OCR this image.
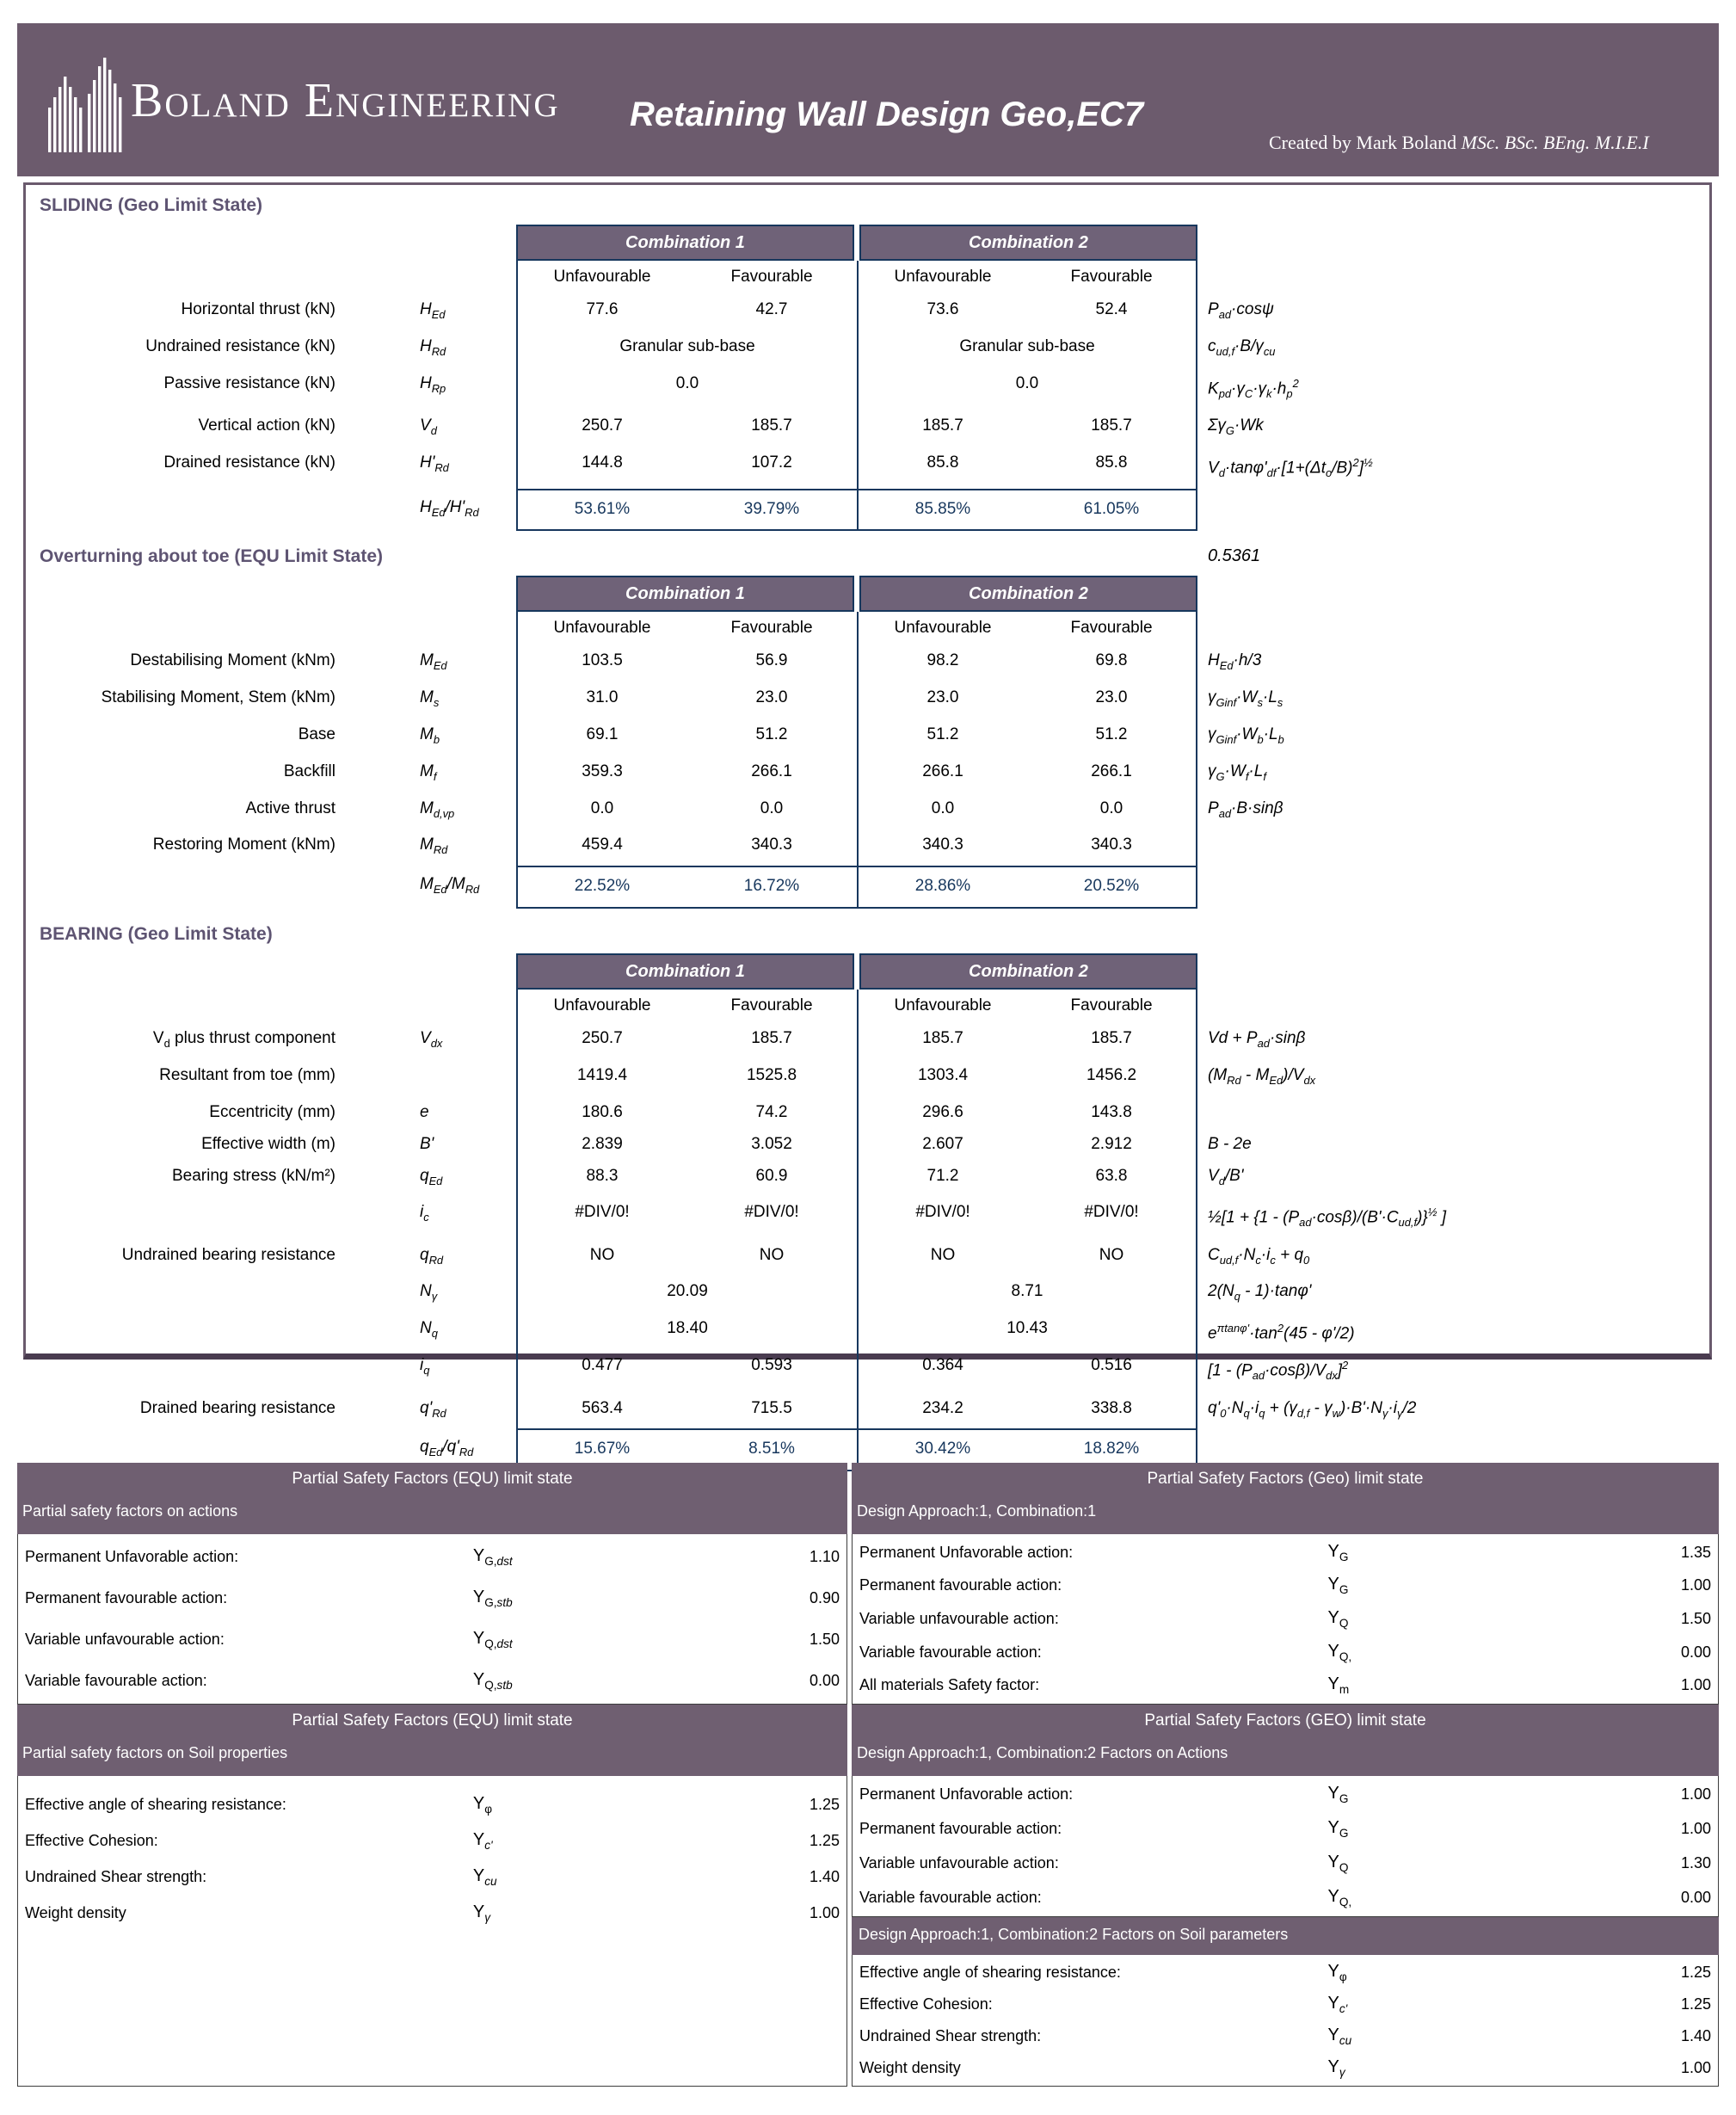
Boland Engineering Retaining Wall Design Geo,EC7
Created by Mark Boland MSc. BSc. BEng. M.I.E.I
SLIDING (Geo Limit State)
Combination 1	Combination 2
Unfavourable	Favourable	Unfavourable	Favourable
Horizontal thrust (kN)	$H_{Ed}$	77.6	42.7	73.6	52.4	$P_{ad}\cdot\cos\psi$
Undrained resistance (kN)	$H_{Rd}$	Granular sub-base	Granular sub-base	$c_{ud,f}\cdot B/\gamma_{cu}$
Passive resistance (kN)	$H_{Rp}$	0.0	0.0	$K_{pd}\cdot\gamma_C\cdot\gamma_k\cdot h_p^2$
Vertical action (kN)	$V_d$	250.7	185.7	185.7	185.7	$\Sigma\gamma_G\cdot Wk$
Drained resistance (kN)	$H'_{Rd}$	144.8	107.2	85.8	85.8	$V_d\cdot\tan\varphi'_{df}\cdot[1+(\Delta t_o/B)^2]^{\frac{1}{2}}$
$H_{Ed}/H'_{Rd}$	53.61%	39.79%	85.85%	61.05%
Overturning about toe (EQU Limit State)	0.5361
Combination 1	Combination 2
Unfavourable	Favourable	Unfavourable	Favourable
Destabilising Moment (kNm)	$M_{Ed}$	103.5	56.9	98.2	69.8	$H_{Ed}\cdot h/3$
Stabilising Moment, Stem (kNm)	$M_s$	31.0	23.0	23.0	23.0	$\gamma_{Ginf}\cdot W_s\cdot L_s$
Base	$M_b$	69.1	51.2	51.2	51.2	$\gamma_{Ginf}\cdot W_b\cdot L_b$
Backfill	$M_f$	359.3	266.1	266.1	266.1	$\gamma_G\cdot W_f\cdot L_f$
Active thrust	$M_{d,vp}$	0.0	0.0	0.0	0.0	$P_{ad}\cdot B\cdot\sin\beta$
Restoring Moment (kNm)	$M_{Rd}$	459.4	340.3	340.3	340.3
$M_{Ed}/M_{Rd}$	22.52%	16.72%	28.86%	20.52%
BEARING (Geo Limit State)
Combination 1	Combination 2
Unfavourable	Favourable	Unfavourable	Favourable
$V_d$ plus thrust component	$V_{dx}$	250.7	185.7	185.7	185.7	$Vd + P_{ad}\cdot\sin\beta$
Resultant from toe (mm)	1419.4	1525.8	1303.4	1456.2	$(M_{Rd} - M_{Ed})/V_{dx}$
Eccentricity (mm)	e	180.6	74.2	296.6	143.8
Effective width (m)	B'	2.839	3.052	2.607	2.912	B - 2e
Bearing stress (kN/m²)	$q_{Ed}$	88.3	60.9	71.2	63.8	$V_d/B'$
$i_c$	#DIV/0!	#DIV/0!	#DIV/0!	#DIV/0!	½[1 + $\{1 - (P_{ad}\cdot\cos\beta)/(B'\cdot C_{ud,f})\}^{\frac{1}{2}}$ ]
Undrained bearing resistance	$q_{Rd}$	NO	NO	NO	NO	$C_{ud,f}\cdot N_c\cdot i_c + q_0$
$N_\gamma$	20.09	8.71	$2(N_q - 1)\cdot\tan\varphi'$
$N_q$	18.40	10.43	$e^{\pi tan\varphi'}\cdot\tan^2(45 - \varphi'/2)$
$i_q$	0.477	0.593	0.364	0.516	$[1 - (P_{ad}\cdot\cos\beta)/V_{dx}]^2$
Drained bearing resistance	$q'_{Rd}$	563.4	715.5	234.2	338.8	$q'_0\cdot N_q\cdot i_q + (\gamma_{d,f} - \gamma_w)\cdot B'\cdot N_\gamma\cdot i_\gamma/2$
$q_{Ed}/q'_{Rd}$	15.67%	8.51%	30.42%	18.82%
Partial Safety Factors (EQU) limit state
Partial safety factors on actions
Permanent Unfavorable action:	$\Upsilon_{G,dst}$	1.10
Permanent favourable action:	$\Upsilon_{G,stb}$	0.90
Variable unfavourable action:	$\Upsilon_{Q,dst}$	1.50
Variable favourable action:	$\Upsilon_{Q,stb}$	0.00
Partial Safety Factors (EQU) limit state
Partial safety factors on Soil properties
Effective angle of shearing resistance:	$\Upsilon_\varphi$	1.25
Effective Cohesion:	$\Upsilon_{c'}$	1.25
Undrained Shear strength:	$\Upsilon_{cu}$	1.40
Weight density	$\Upsilon_\gamma$	1.00
Partial Safety Factors (Geo) limit state
Design Approach:1, Combination:1
Permanent Unfavorable action:	$\Upsilon_G$	1.35
Permanent favourable action:	$\Upsilon_G$	1.00
Variable unfavourable action:	$\Upsilon_Q$	1.50
Variable favourable action:	$\Upsilon_{Q,}$	0.00
All materials Safety factor:	$\Upsilon_m$	1.00
Partial Safety Factors (GEO) limit state
Design Approach:1, Combination:2 Factors on Actions
Permanent Unfavorable action:	$\Upsilon_G$	1.00
Permanent favourable action:	$\Upsilon_G$	1.00
Variable unfavourable action:	$\Upsilon_Q$	1.30
Variable favourable action:	$\Upsilon_{Q,}$	0.00
Design Approach:1, Combination:2 Factors on Soil parameters
Effective angle of shearing resistance:	$\Upsilon_\varphi$	1.25
Effective Cohesion:	$\Upsilon_{c'}$	1.25
Undrained Shear strength:	$\Upsilon_{cu}$	1.40
Weight density	$\Upsilon_\gamma$	1.00
